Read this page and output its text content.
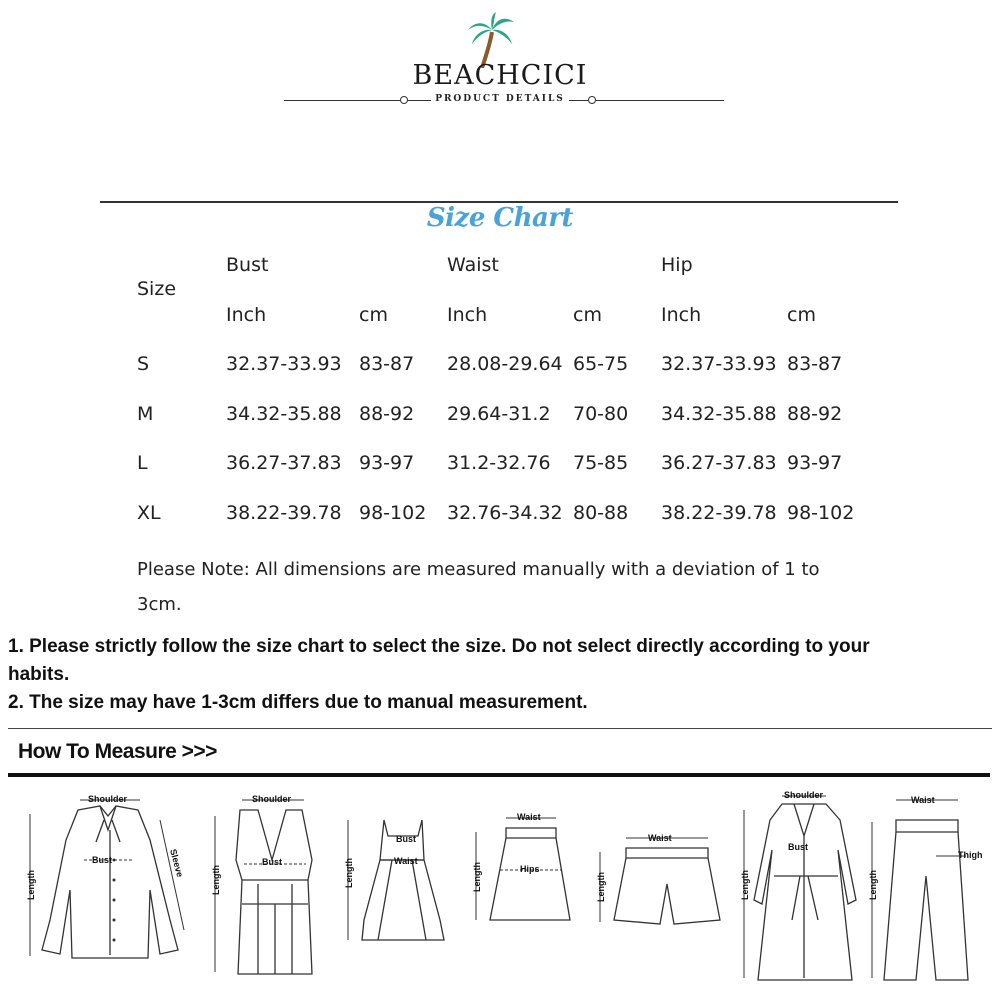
BEACHCICI
PRODUCT DETAILS
Size Chart
Size
Bust	Waist	Hip
Inch	cm	Inch	cm	Inch	cm
S	32.37-33.93 83-87 28.08-29.64 65-75 32.37-33.93 83-87
M	34.32-35.88 88-92 29.64-31.2 70-80 34.32-35.88 88-92
L	36.27-37.83 93-97 31.2-32.76 75-85 36.27-37.83 93-97
XL	38.22-39.78 98-102 32.76-34.32 80-88 38.22-39.78 98-102
Please Note: All dimensions are measured manually with a deviation of 1 to
3cm.
1. Please strictly follow the size chart to select the size. Do not select directly according to your
habits.
2. The size may have 1-3cm differs due to manual measurement.
How To Measure >>>
Shoulder
Bust
Length
Sleeve
Shoulder
Bust
Length
Bust
Waist
Length
Waist
Hips
Length
Waist
Length
Shoulder
Bust
Length
Waist
Thigh
Length
